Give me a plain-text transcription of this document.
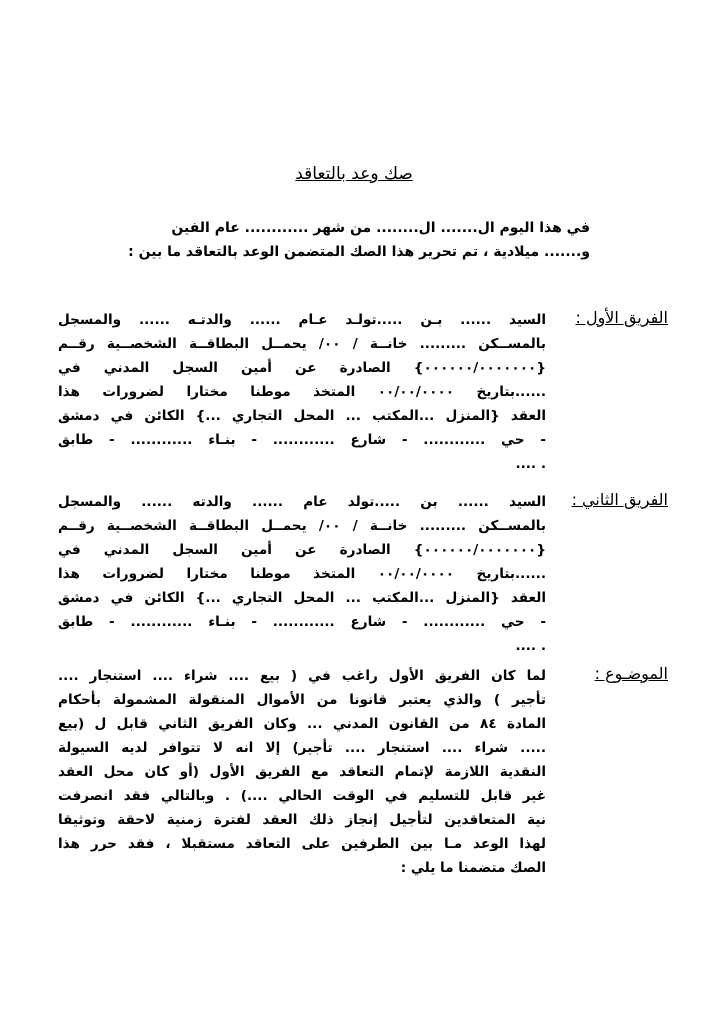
صك وعد بالتعاقد
في هذا اليوم ال....... ال........ من شهر ............ عام الفين
و....... ميلادية ، تم تحرير هذا الصك المتضمن الوعد بالتعاقد ما بين :
الفريق الأول :
السيد ...... بـن .....تولـد عـام ...... والدتـه ...... والمسجل
بالمســكن ......... خانــة / ٠٠/ يحمــل البطاقــة الشخصــية رقــم
{٠٠٠٠٠٠/٠٠٠٠٠٠٠} الصادرة عن أمين السجل المدني في
......بتاريخ ٠٠/٠٠/٠٠٠٠ المتخذ موطنا مختارا لضرورات هذا
العقد {المنزل ...المكتب ... المحل التجاري ...} الكائن في دمشق
- حي ............ - شارع ............ - بنـاء ............ - طابق
. ....
الفريق الثاني :
السيد ...... بن .....تولد عام ...... والدته ...... والمسجل
بالمســكن ......... خانــة / ٠٠/ يحمــل البطاقــة الشخصــية رقــم
{٠٠٠٠٠٠/٠٠٠٠٠٠٠} الصادرة عن أمين السجل المدني في
......بتاريخ ٠٠/٠٠/٠٠٠٠ المتخذ موطنا مختارا لضرورات هذا
العقد {المنزل ...المكتب ... المحل التجاري ...} الكائن في دمشق
- حي ............ - شارع ............ - بنـاء ............ - طابق
. ....
الموضـوع :
لما كان الفريق الأول راغب في ( بيع .... شراء .... استنجار ....
تأجير ) والذي يعتبر قانونا من الأموال المنقولة المشمولة بأحكام
المادة ٨٤ من القانون المدني ... وكان الفريق الثاني قابل ل (بيع
..... شراء .... استنجار .... تأجير) إلا انه لا تتوافر لديه السيولة
النقدية اللازمة لإتمام التعاقد مع الفريق الأول (أو كان محل العقد
غير قابل للتسليم في الوقت الحالي ....) . وبالتالي فقد انصرفت
نية المتعاقدين لتأجيل إنجاز ذلك العقد لفترة زمنية لاحقة وتوثيقا
لهذا الوعد مـا بين الطرفين على التعاقد مستقبلا ، فقد حرر هذا
الصك متضمنا ما يلي :
